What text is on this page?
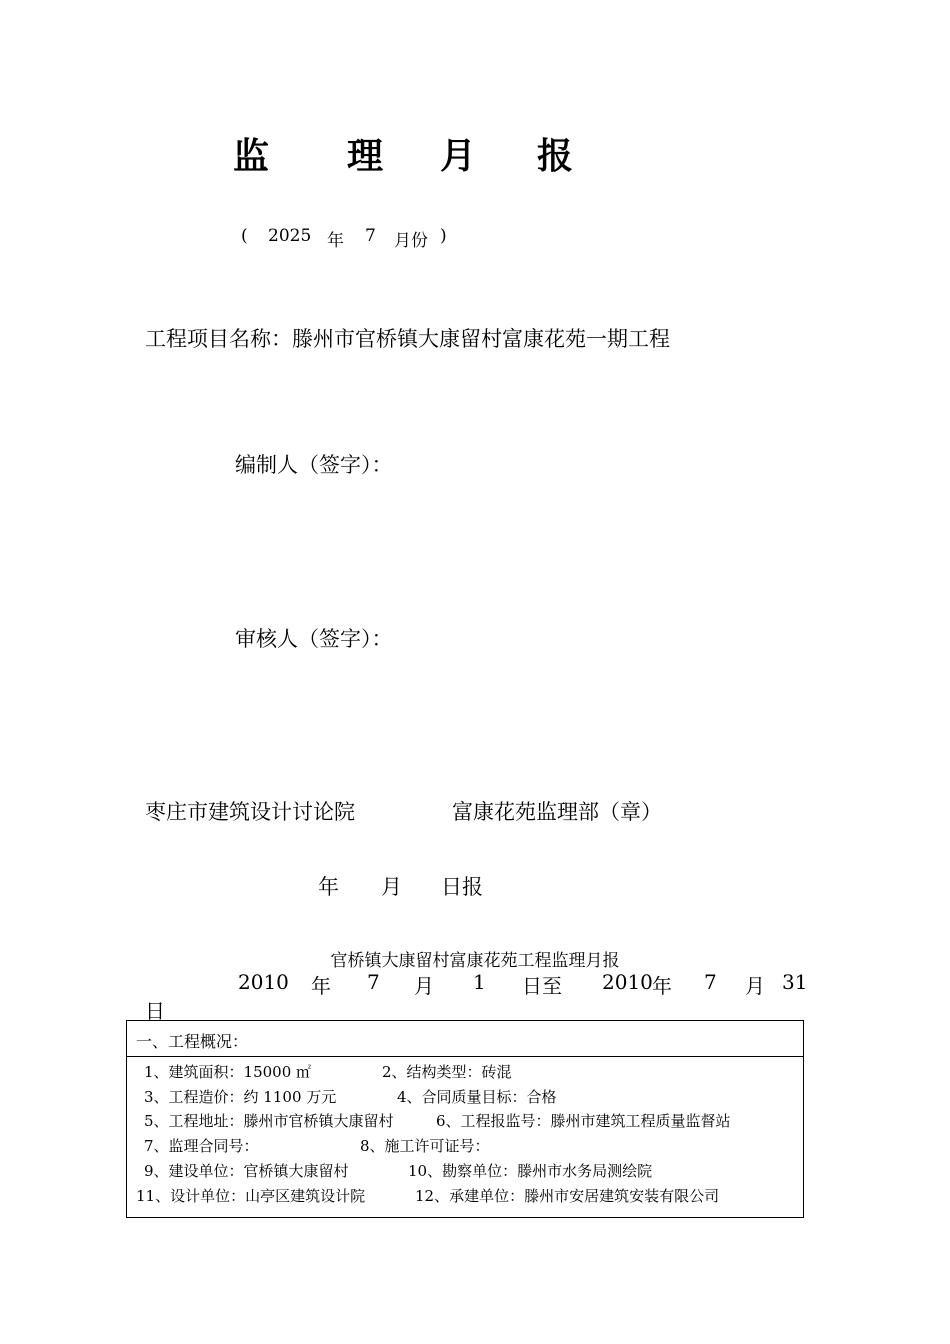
监 理 月 报
( 2025 年 7 月份 )
工程项目名称：滕州市官桥镇大康留村富康花苑一期工程
编制人（签字）：
审核人（签字）：
枣庄市建筑设计讨论院	富康花苑监理部（章）
年 月 日报
官桥镇大康留村富康花苑工程监理月报
2010 年 7 月 1 日至 2010 年 7 月 31
日
一、工程概况：
1、建筑面积：15000 ㎡	2、结构类型：砖混
3、工程造价：约 1100 万元	4、合同质量目标：合格
5、工程地址：滕州市官桥镇大康留村	6、工程报监号：滕州市建筑工程质量监督站
7、监理合同号：	8、施工许可证号：
9、建设单位：官桥镇大康留村	10、勘察单位：滕州市水务局测绘院
11、设计单位：山亭区建筑设计院	12、承建单位：滕州市安居建筑安装有限公司
